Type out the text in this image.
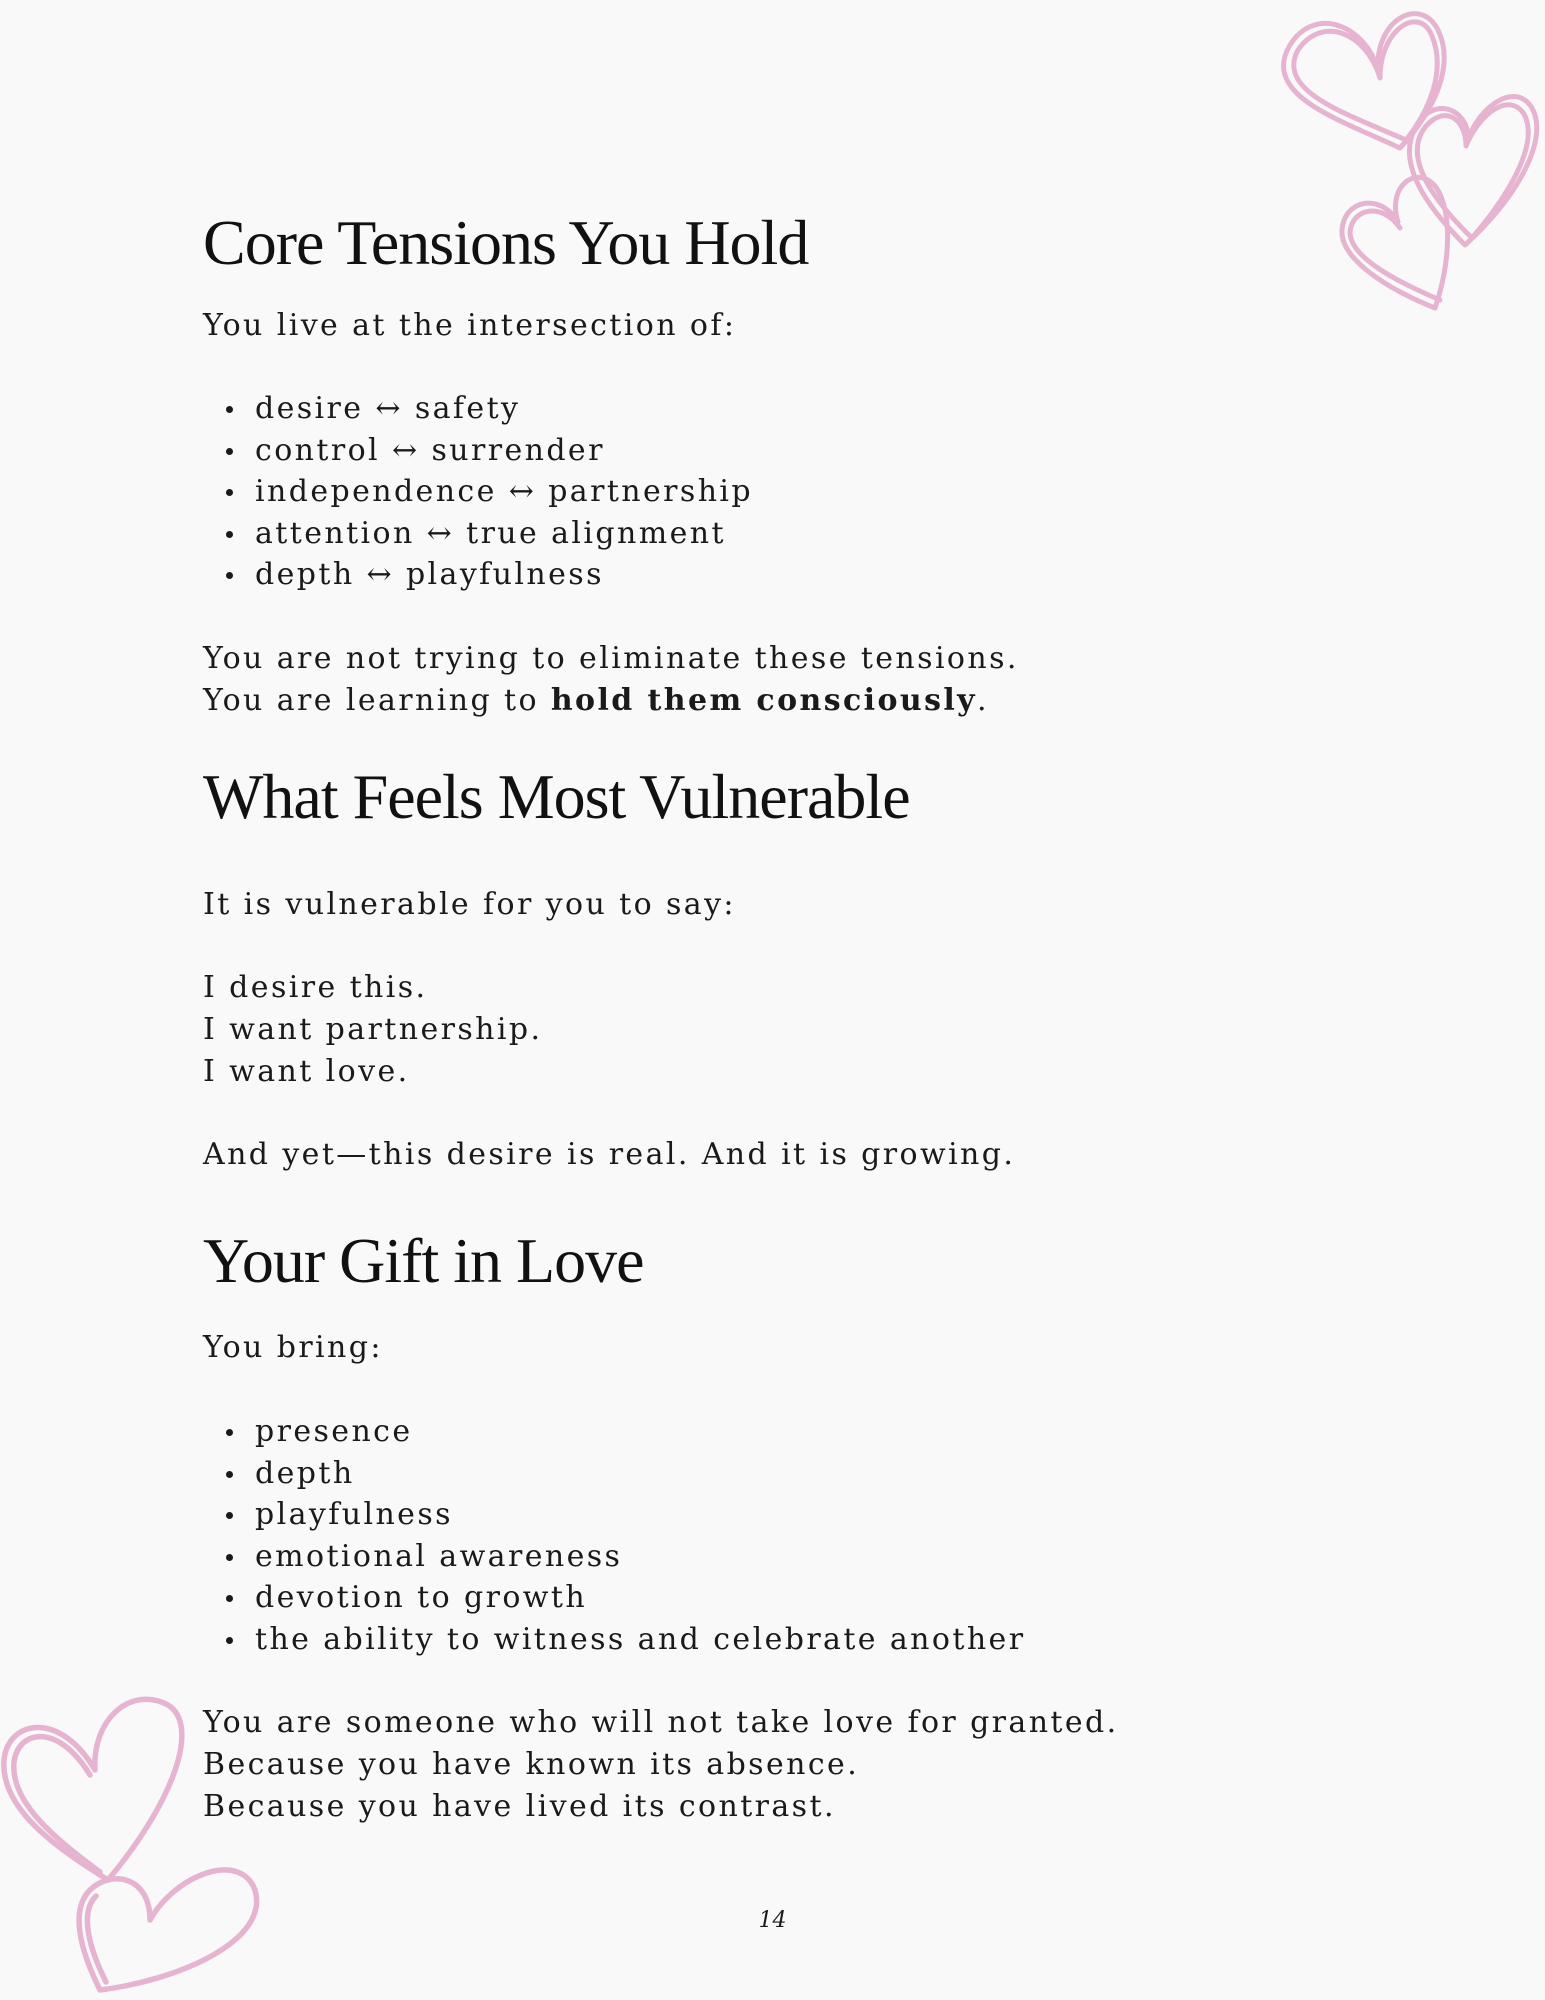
Core Tensions You Hold

You live at the intersection of:

desire ↔ safety
control ↔ surrender
independence ↔ partnership
attention ↔ true alignment
depth ↔ playfulness

You are not trying to eliminate these tensions.

You are learning to hold them consciously.

What Feels Most Vulnerable

It is vulnerable for you to say:

I desire this.

I want partnership.

I want love.

And yet—this desire is real. And it is growing.

Your Gift in Love

You bring:

presence
depth
playfulness
emotional awareness
devotion to growth
the ability to witness and celebrate another

You are someone who will not take love for granted.

Because you have known its absence.

Because you have lived its contrast.

14
